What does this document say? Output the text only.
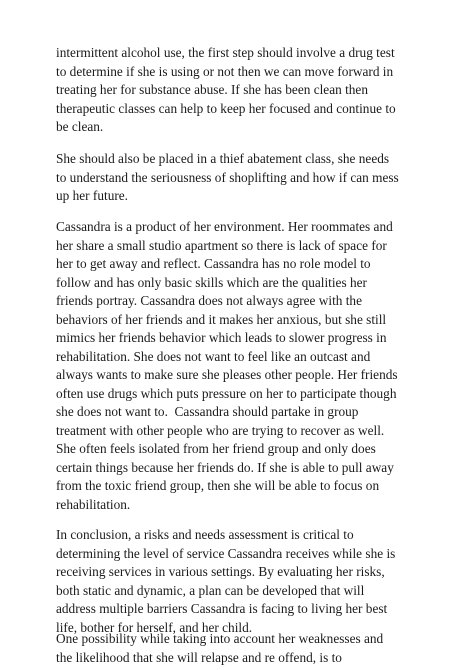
intermittent alcohol use, the first step should involve a drug test
to determine if she is using or not then we can move forward in
treating her for substance abuse. If she has been clean then
therapeutic classes can help to keep her focused and continue to
be clean.

She should also be placed in a thief abatement class, she needs
to understand the seriousness of shoplifting and how if can mess
up her future.

Cassandra is a product of her environment. Her roommates and
her share a small studio apartment so there is lack of space for
her to get away and reflect. Cassandra has no role model to
follow and has only basic skills which are the qualities her
friends portray. Cassandra does not always agree with the
behaviors of her friends and it makes her anxious, but she still
mimics her friends behavior which leads to slower progress in
rehabilitation. She does not want to feel like an outcast and
always wants to make sure she pleases other people. Her friends
often use drugs which puts pressure on her to participate though
she does not want to.  Cassandra should partake in group
treatment with other people who are trying to recover as well.
She often feels isolated from her friend group and only does
certain things because her friends do. If she is able to pull away
from the toxic friend group, then she will be able to focus on
rehabilitation.

In conclusion, a risks and needs assessment is critical to
determining the level of service Cassandra receives while she is
receiving services in various settings. By evaluating her risks,
both static and dynamic, a plan can be developed that will
address multiple barriers Cassandra is facing to living her best
life, bother for herself, and her child.

One possibility while taking into account her weaknesses and
the likelihood that she will relapse and re offend, is to
